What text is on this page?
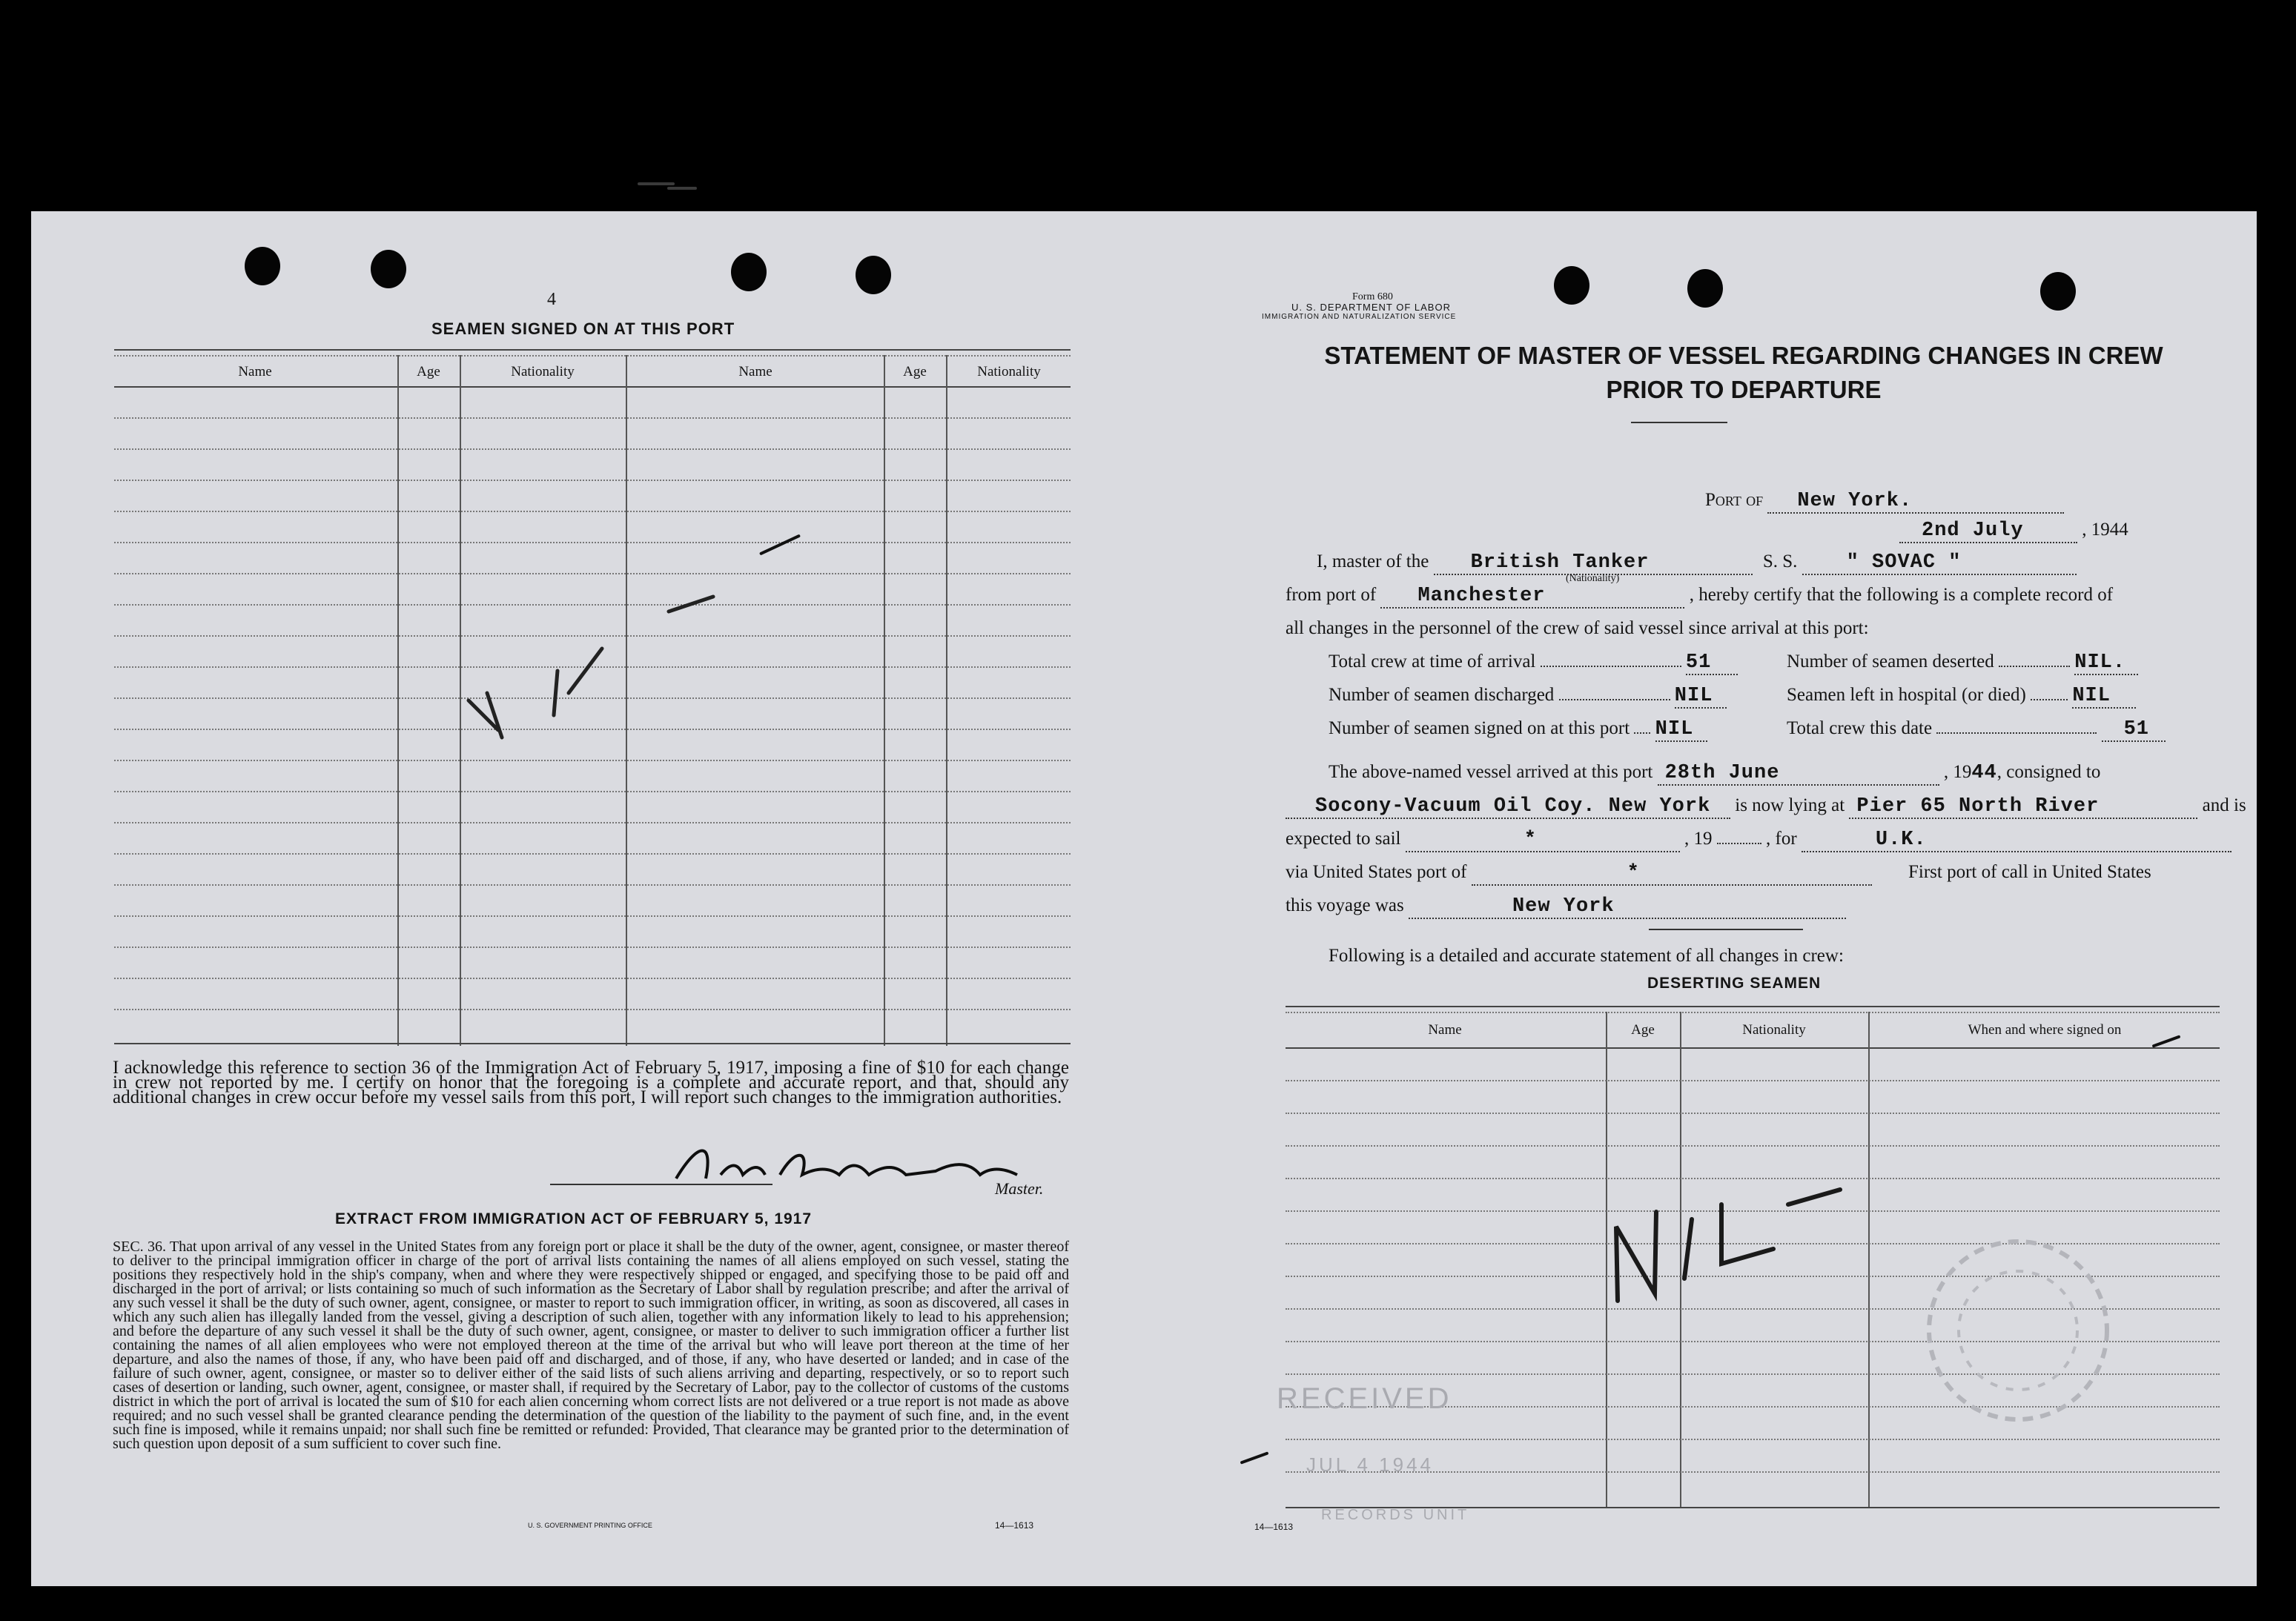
4
SEAMEN SIGNED ON AT THIS PORT
Name	Age	Nationality	Name	Age	Nationality
I acknowledge this reference to section 36 of the Immigration Act of February 5, 1917, imposing a fine of $10 for each change in crew not reported by me. I certify on honor that the foregoing is a complete and accurate report, and that, should any additional changes in crew occur before my vessel sails from this port, I will report such changes to the immigration authorities.
Master.
EXTRACT FROM IMMIGRATION ACT OF FEBRUARY 5, 1917
SEC. 36. That upon arrival of any vessel in the United States from any foreign port or place it shall be the duty of the owner, agent, consignee, or master thereof to deliver to the principal immigration officer in charge of the port of arrival lists containing the names of all aliens employed on such vessel, stating the positions they respectively hold in the ship's company, when and where they were respectively shipped or engaged, and specifying those to be paid off and discharged in the port of arrival; or lists containing so much of such information as the Secretary of Labor shall by regulation prescribe; and after the arrival of any such vessel it shall be the duty of such owner, agent, consignee, or master to report to such immigration officer, in writing, as soon as discovered, all cases in which any such alien has illegally landed from the vessel, giving a description of such alien, together with any information likely to lead to his apprehension; and before the departure of any such vessel it shall be the duty of such owner, agent, consignee, or master to deliver to such immigration officer a further list containing the names of all alien employees who were not employed thereon at the time of the arrival but who will leave port thereon at the time of her departure, and also the names of those, if any, who have been paid off and discharged, and of those, if any, who have deserted or landed; and in case of the failure of such owner, agent, consignee, or master so to deliver either of the said lists of such aliens arriving and departing, respectively, or so to report such cases of desertion or landing, such owner, agent, consignee, or master shall, if required by the Secretary of Labor, pay to the collector of customs of the customs district in which the port of arrival is located the sum of $10 for each alien concerning whom correct lists are not delivered or a true report is not made as above required; and no such vessel shall be granted clearance pending the determination of the question of the liability to the payment of such fine, and, in the event such fine is imposed, while it remains unpaid; nor shall such fine be remitted or refunded: Provided, That clearance may be granted prior to the determination of such question upon deposit of a sum sufficient to cover such fine.
U. S. GOVERNMENT PRINTING OFFICE	14—1613
Form 680
U. S. DEPARTMENT OF LABOR
IMMIGRATION AND NATURALIZATION SERVICE
STATEMENT OF MASTER OF VESSEL REGARDING CHANGES IN CREW
PRIOR TO DEPARTURE
Port of New York.
2nd July	, 1944
I, master of the British Tanker	S. S. " SOVAC "
(Nationality)
from port of Manchester	, hereby certify that the following is a complete record of
all changes in the personnel of the crew of said vessel since arrival at this port:
Total crew at time of arrival	51	Number of seamen deserted	NIL.
Number of seamen discharged	NIL	Seamen left in hospital (or died) NIL
Number of seamen signed on at this port NIL	Total crew this date	51
The above-named vessel arrived at this port 28th June	, 1944, consigned to
Socony-Vacuum Oil Coy. New York is now lying at Pier 65 North River	and is
expected to sail	*	, 19	, for	U.K.
via United States port of	*	First port of call in United States
this voyage was	New York
Following is a detailed and accurate statement of all changes in crew:
DESERTING SEAMEN
Name	Age	Nationality	When and where signed on
RECEIVED
JUL 4 1944
RECORDS UNIT
14—1613
